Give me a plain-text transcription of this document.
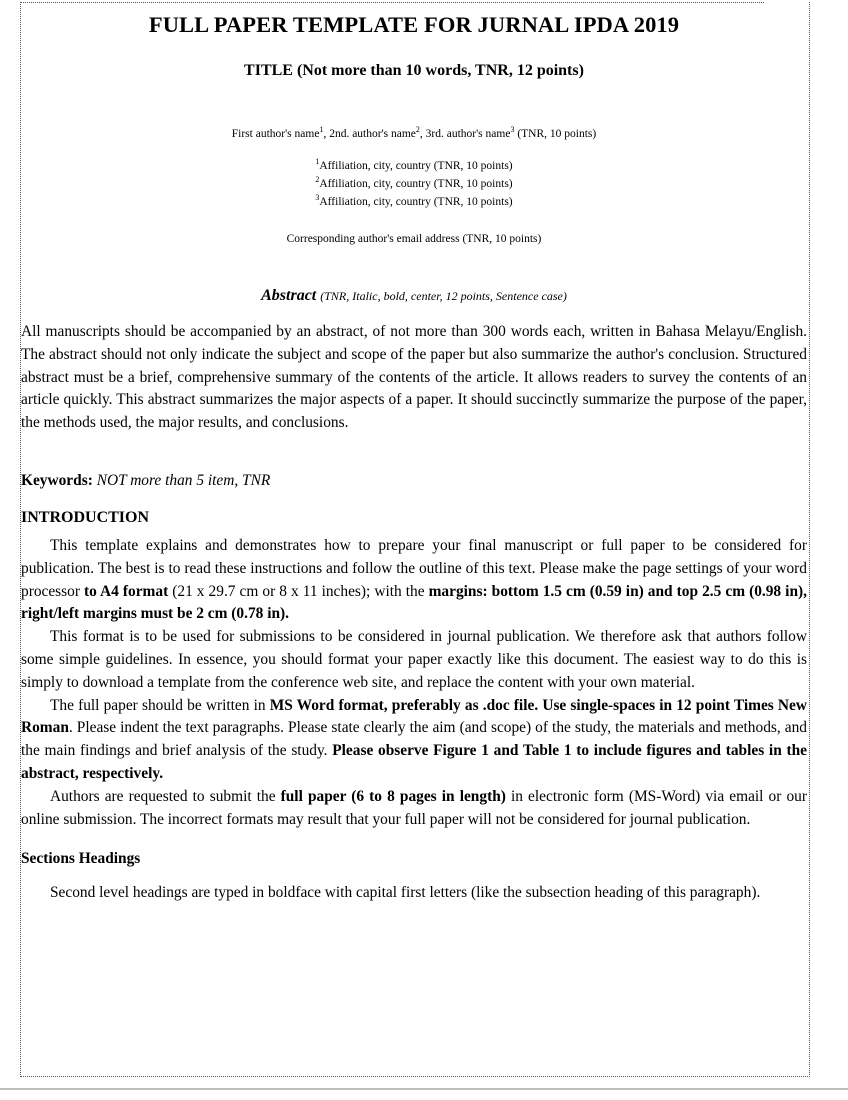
FULL PAPER TEMPLATE FOR JURNAL IPDA 2019
TITLE (Not more than 10 words, TNR, 12 points)
First author's name$^1$, 2nd. author's name$^2$, 3rd. author's name$^3$ (TNR, 10 points)
$^1$Affiliation, city, country (TNR, 10 points)
$^2$Affiliation, city, country (TNR, 10 points)
$^3$Affiliation, city, country (TNR, 10 points)
Corresponding author's email address (TNR, 10 points)
Abstract (TNR, Italic, bold, center, 12 points, Sentence case)

All manuscripts should be accompanied by an abstract, of not more than 300 words each, written in Bahasa Melayu/English. The abstract should not only indicate the subject and scope of the paper but also summarize the author's conclusion. Structured abstract must be a brief, comprehensive summary of the contents of the article. It allows readers to survey the contents of an article quickly. This abstract summarizes the major aspects of a paper. It should succinctly summarize the purpose of the paper, the methods used, the major results, and conclusions.

Keywords: NOT more than 5 item, TNR
INTRODUCTION

This template explains and demonstrates how to prepare your final manuscript or full paper to be considered for publication. The best is to read these instructions and follow the outline of this text. Please make the page settings of your word processor to A4 format (21 x 29.7 cm or 8 x 11 inches); with the margins: bottom 1.5 cm (0.59 in) and top 2.5 cm (0.98 in), right/left margins must be 2 cm (0.78 in).

This format is to be used for submissions to be considered in journal publication. We therefore ask that authors follow some simple guidelines. In essence, you should format your paper exactly like this document. The easiest way to do this is simply to download a template from the conference web site, and replace the content with your own material.

The full paper should be written in MS Word format, preferably as .doc file. Use single-spaces in 12 point Times New Roman. Please indent the text paragraphs. Please state clearly the aim (and scope) of the study, the materials and methods, and the main findings and brief analysis of the study. Please observe Figure 1 and Table 1 to include figures and tables in the abstract, respectively.

Authors are requested to submit the full paper (6 to 8 pages in length) in electronic form (MS-Word) via email or our online submission. The incorrect formats may result that your full paper will not be considered for journal publication.

Sections Headings

Second level headings are typed in boldface with capital first letters (like the subsection heading of this paragraph).
